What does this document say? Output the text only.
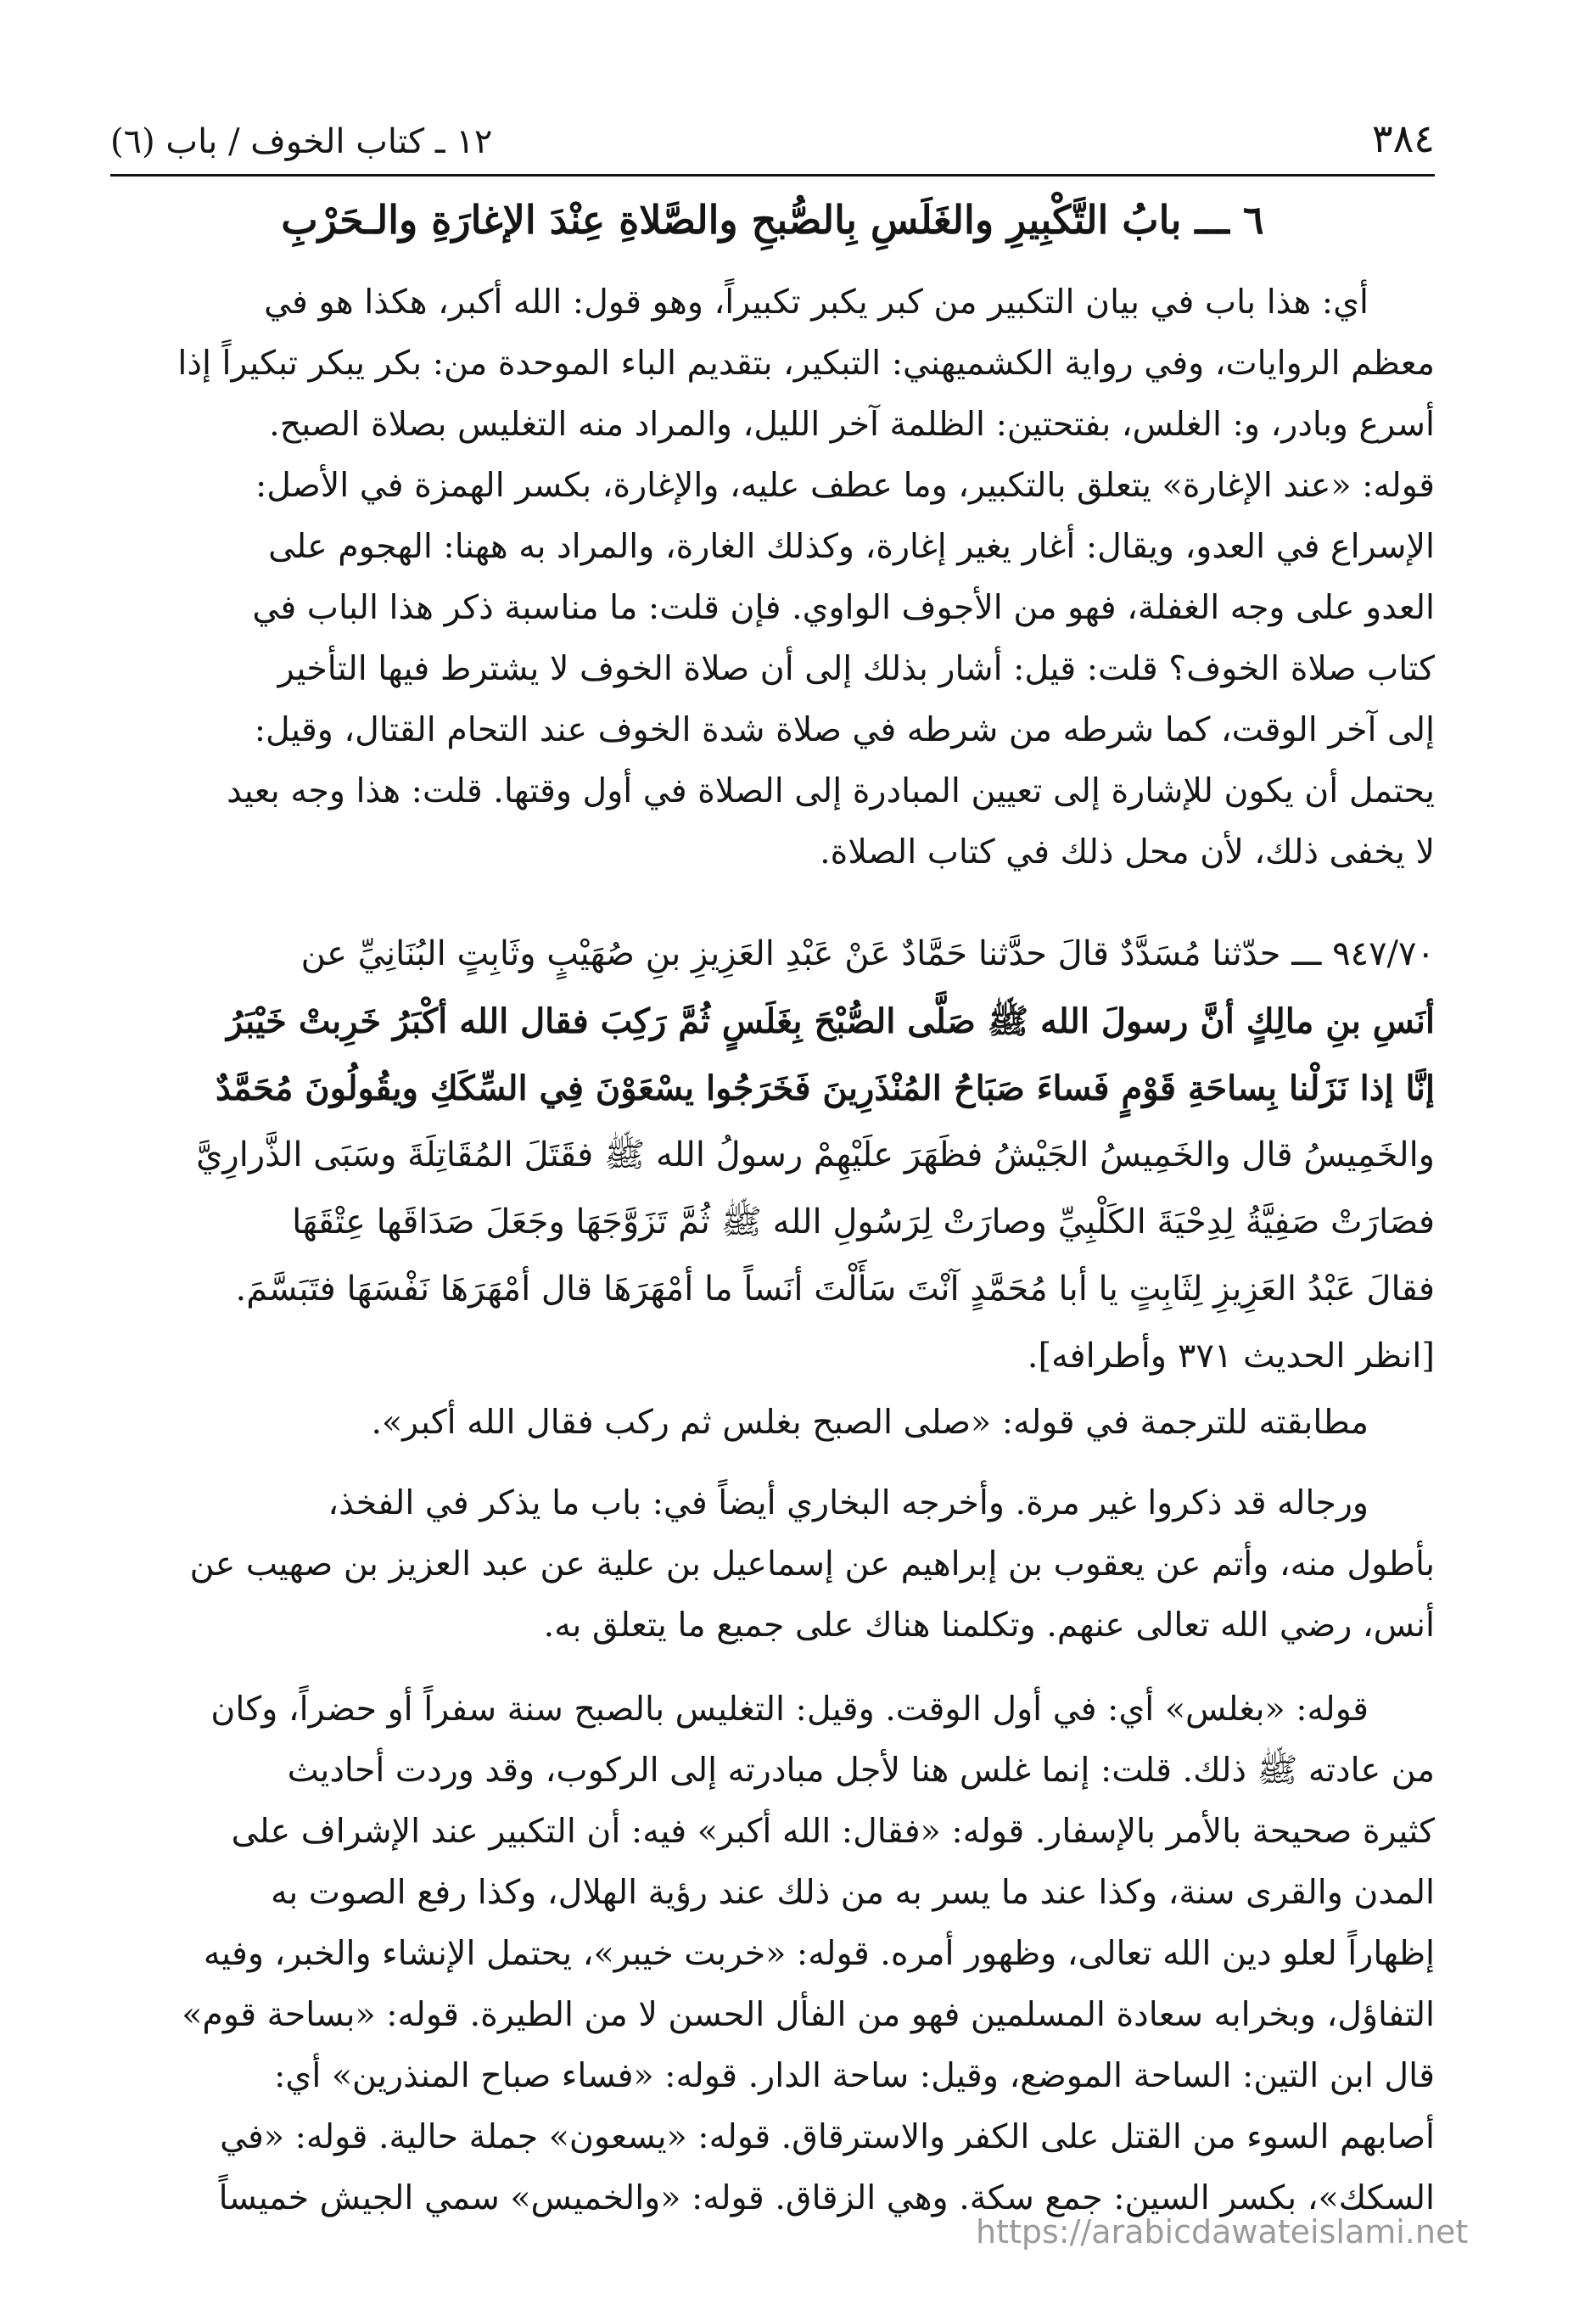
٣٨٤
١٢ ـ كتاب الخوف / باب (٦)
٦ ـــ بابُ التَّكْبِيرِ والغَلَسِ بِالصُّبحِ والصَّلاةِ عِنْدَ الإغارَةِ والـحَرْبِ
أي: هذا باب في بيان التكبير من كبر يكبر تكبيراً، وهو قول: الله أكبر، هكذا هو في
معظم الروايات، وفي رواية الكشميهني: التبكير، بتقديم الباء الموحدة من: بكر يبكر تبكيراً إذا
أسرع وبادر، و: الغلس، بفتحتين: الظلمة آخر الليل، والمراد منه التغليس بصلاة الصبح.
قوله: «عند الإغارة» يتعلق بالتكبير، وما عطف عليه، والإغارة، بكسر الهمزة في الأصل:
الإسراع في العدو، ويقال: أغار يغير إغارة، وكذلك الغارة، والمراد به ههنا: الهجوم على
العدو على وجه الغفلة، فهو من الأجوف الواوي. فإن قلت: ما مناسبة ذكر هذا الباب في
كتاب صلاة الخوف؟ قلت: قيل: أشار بذلك إلى أن صلاة الخوف لا يشترط فيها التأخير
إلى آخر الوقت، كما شرطه من شرطه في صلاة شدة الخوف عند التحام القتال، وقيل:
يحتمل أن يكون للإشارة إلى تعيين المبادرة إلى الصلاة في أول وقتها. قلت: هذا وجه بعيد
لا يخفى ذلك، لأن محل ذلك في كتاب الصلاة.
٩٤٧/٧٠ ـــ حدّثنا مُسَدَّدٌ قالَ حدَّثنا حَمَّادٌ عَنْ عَبْدِ العَزِيزِ بنِ صُهَيْبٍ وثَابِتٍ البُنَانِيِّ عن
أنَسِ بنِ مالِكٍ أنَّ رسولَ الله ﷺ صَلَّى الصُّبْحَ بِغَلَسٍ ثُمَّ رَكِبَ فقال الله أكْبَرُ خَرِبتْ خَيْبَرُ
إنَّا إذا نَزَلْنا بِساحَةِ قَوْمٍ فَساءَ صَبَاحُ المُنْذَرِينَ فَخَرَجُوا يسْعَوْنَ فِي السِّكَكِ ويقُولُونَ مُحَمَّدٌ
والخَمِيسُ قال والخَمِيسُ الجَيْشُ فظَهَرَ علَيْهِمْ رسولُ الله ﷺ فقَتَلَ المُقَاتِلَةَ وسَبَى الذَّرارِيَّ
فصَارَتْ صَفِيَّةُ لِدِحْيَةَ الكَلْبِيِّ وصارَتْ لِرَسُولِ الله ﷺ ثُمَّ تَزَوَّجَهَا وجَعَلَ صَدَاقَها عِتْقَهَا
فقالَ عَبْدُ العَزِيزِ لِثَابِتٍ يا أبا مُحَمَّدٍ آنْتَ سَأَلْتَ أنَساً ما أمْهَرَهَا قال أمْهَرَهَا نَفْسَهَا فتَبَسَّمَ.
[انظر الحديث ٣٧١ وأطرافه].
مطابقته للترجمة في قوله: «صلى الصبح بغلس ثم ركب فقال الله أكبر».
ورجاله قد ذكروا غير مرة. وأخرجه البخاري أيضاً في: باب ما يذكر في الفخذ،
بأطول منه، وأتم عن يعقوب بن إبراهيم عن إسماعيل بن علية عن عبد العزيز بن صهيب عن
أنس، رضي الله تعالى عنهم. وتكلمنا هناك على جميع ما يتعلق به.
قوله: «بغلس» أي: في أول الوقت. وقيل: التغليس بالصبح سنة سفراً أو حضراً، وكان
من عادته ﷺ ذلك. قلت: إنما غلس هنا لأجل مبادرته إلى الركوب، وقد وردت أحاديث
كثيرة صحيحة بالأمر بالإسفار. قوله: «فقال: الله أكبر» فيه: أن التكبير عند الإشراف على
المدن والقرى سنة، وكذا عند ما يسر به من ذلك عند رؤية الهلال، وكذا رفع الصوت به
إظهاراً لعلو دين الله تعالى، وظهور أمره. قوله: «خربت خيبر»، يحتمل الإنشاء والخبر، وفيه
التفاؤل، وبخرابه سعادة المسلمين فهو من الفأل الحسن لا من الطيرة. قوله: «بساحة قوم»
قال ابن التين: الساحة الموضع، وقيل: ساحة الدار. قوله: «فساء صباح المنذرين» أي:
أصابهم السوء من القتل على الكفر والاسترقاق. قوله: «يسعون» جملة حالية. قوله: «في
السكك»، بكسر السين: جمع سكة. وهي الزقاق. قوله: «والخميس» سمي الجيش خميساً
https://arabicdawateislami.net
